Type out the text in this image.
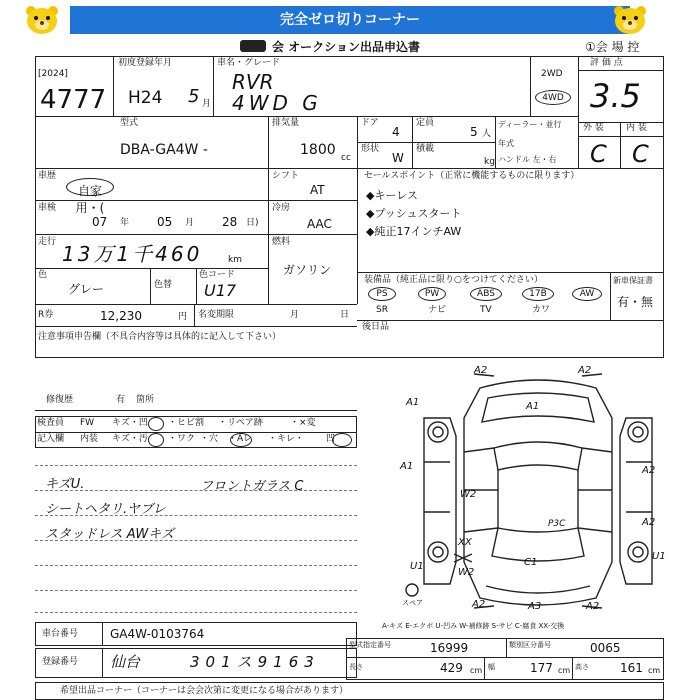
完全ゼロ切りコーナー
会 オークション出品申込書	①会 場 控
[2024]
4777
初度登録年月
H24 5 月
車名・グレード
RVR
4WD G
2WD
4WD
評 価 点
3.5
型式
DBA-GA4W -
排気量
1800 cc
ドア
4
形状
W
定員
5 人
積載
kg
ディーラー・並行
年式
ハンドル 左・右
外 装 内 装
C C
車歴
自家用・(
車検
07 年 05 月 28 日)
走行 13万1千460	km
色
グレー	色替
色コード
U17
R券	12,230	円 名変期限	月	日
シフト
AT
冷房
AAC
燃料
ガソリン
セールスポイント（正常に機能するものに限ります）
◆キーレス
◆プッシュスタート
◆純正17インチAW
装備品（純正品に限り○をつけてください）	新車保証書
有・無
PS	PW	ABS	17B	AW
SR	ナビ	TV	カワ
後日品
注意事項申告欄（不具合内容等は具体的に記入して下さい）
修復歴	有 箇所
検査員 FW キズ・凹 ・ヒビ割 ・リペア跡	・×変
記入欄 内装 キズ・汚 ・ワク ・穴 ・Aレ ・キレ・ 凹
キズU.
シートヘタリ.ヤブレ
スタッドレス AWキズ
フロントガラス C
A2	A2
A1	A1
A1	A2
A2
W2
P3C
XX
C1
U1
W2
U1
A2	A3	A2
スペア
A-キズ E-エクボ U-凹み W-補修跡 S-サビ C-腐食 XX-交換
車台番号	GA4W-0103764
登録番号 仙台	301ス9163
型式指定番号	16999	類別区分番号	0065
長さ	429 cm 幅	177 cm 高さ	161 cm
希望出品コーナー（コーナーは会会次第に変更になる場合があります）
